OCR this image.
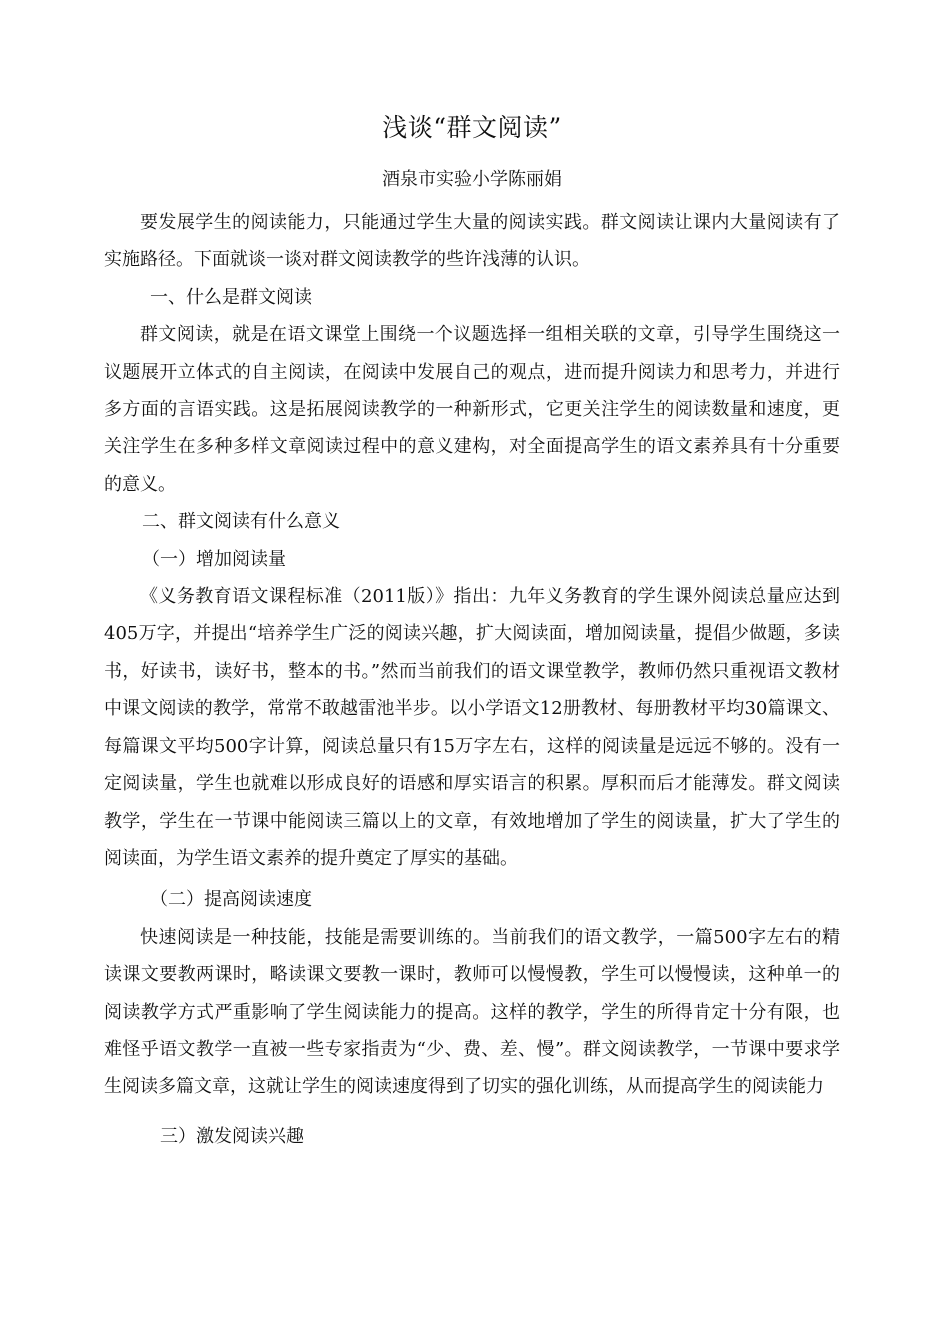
浅谈“群文阅读”
酒泉市实验小学陈丽娟

要发展学生的阅读能力，只能通过学生大量的阅读实践。群文阅读让课内大量阅读有了实施路径。下面就谈一谈对群文阅读教学的些许浅薄的认识。

一、什么是群文阅读

群文阅读，就是在语文课堂上围绕一个议题选择一组相关联的文章，引导学生围绕这一议题展开立体式的自主阅读，在阅读中发展自己的观点，进而提升阅读力和思考力，并进行多方面的言语实践。这是拓展阅读教学的一种新形式，它更关注学生的阅读数量和速度，更关注学生在多种多样文章阅读过程中的意义建构，对全面提高学生的语文素养具有十分重要的意义。

二、群文阅读有什么意义

（一）增加阅读量

《义务教育语文课程标准（2011版）》指出：九年义务教育的学生课外阅读总量应达到405万字，并提出“培养学生广泛的阅读兴趣，扩大阅读面，增加阅读量，提倡少做题，多读书，好读书，读好书，整本的书。”然而当前我们的语文课堂教学，教师仍然只重视语文教材中课文阅读的教学，常常不敢越雷池半步。以小学语文12册教材、每册教材平均30篇课文、每篇课文平均500字计算，阅读总量只有15万字左右，这样的阅读量是远远不够的。没有一定阅读量，学生也就难以形成良好的语感和厚实语言的积累。厚积而后才能薄发。群文阅读教学，学生在一节课中能阅读三篇以上的文章，有效地增加了学生的阅读量，扩大了学生的阅读面，为学生语文素养的提升奠定了厚实的基础。

（二）提高阅读速度

快速阅读是一种技能，技能是需要训练的。当前我们的语文教学，一篇500字左右的精读课文要教两课时，略读课文要教一课时，教师可以慢慢教，学生可以慢慢读，这种单一的阅读教学方式严重影响了学生阅读能力的提高。这样的教学，学生的所得肯定十分有限，也难怪乎语文教学一直被一些专家指责为“少、费、差、慢”。群文阅读教学，一节课中要求学生阅读多篇文章，这就让学生的阅读速度得到了切实的强化训练，从而提高学生的阅读能力

三）激发阅读兴趣
